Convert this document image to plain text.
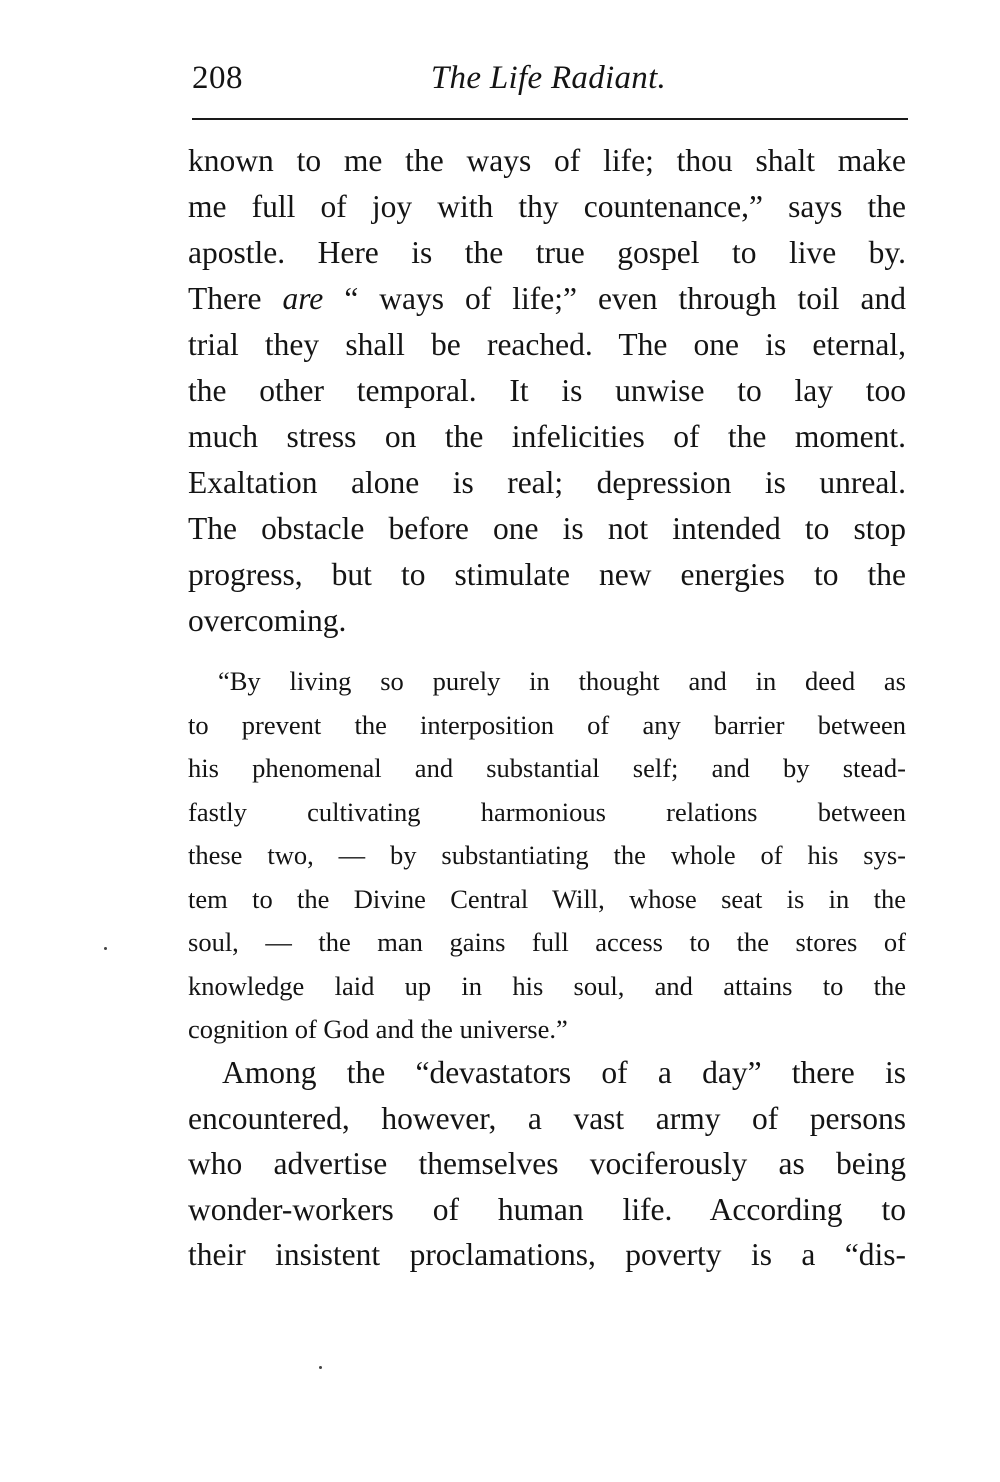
208	The Life Radiant.

known to me the ways of life; thou shalt make
me full of joy with thy countenance,” says the
apostle. Here is the true gospel to live by.
There are “ ways of life;” even through toil and
trial they shall be reached. The one is eternal,
the other temporal. It is unwise to lay too
much stress on the infelicities of the moment.
Exaltation alone is real; depression is unreal.
The obstacle before one is not intended to stop
progress, but to stimulate new energies to the
overcoming.

“By living so purely in thought and in deed as
to prevent the interposition of any barrier between
his phenomenal and substantial self; and by stead-
fastly cultivating harmonious relations between
these two, — by substantiating the whole of his sys-
tem to the Divine Central Will, whose seat is in the
soul, — the man gains full access to the stores of
knowledge laid up in his soul, and attains to the
cognition of God and the universe.”

Among the “devastators of a day” there is
encountered, however, a vast army of persons
who advertise themselves vociferously as being
wonder-workers of human life. According to
their insistent proclamations, poverty is a “dis-
